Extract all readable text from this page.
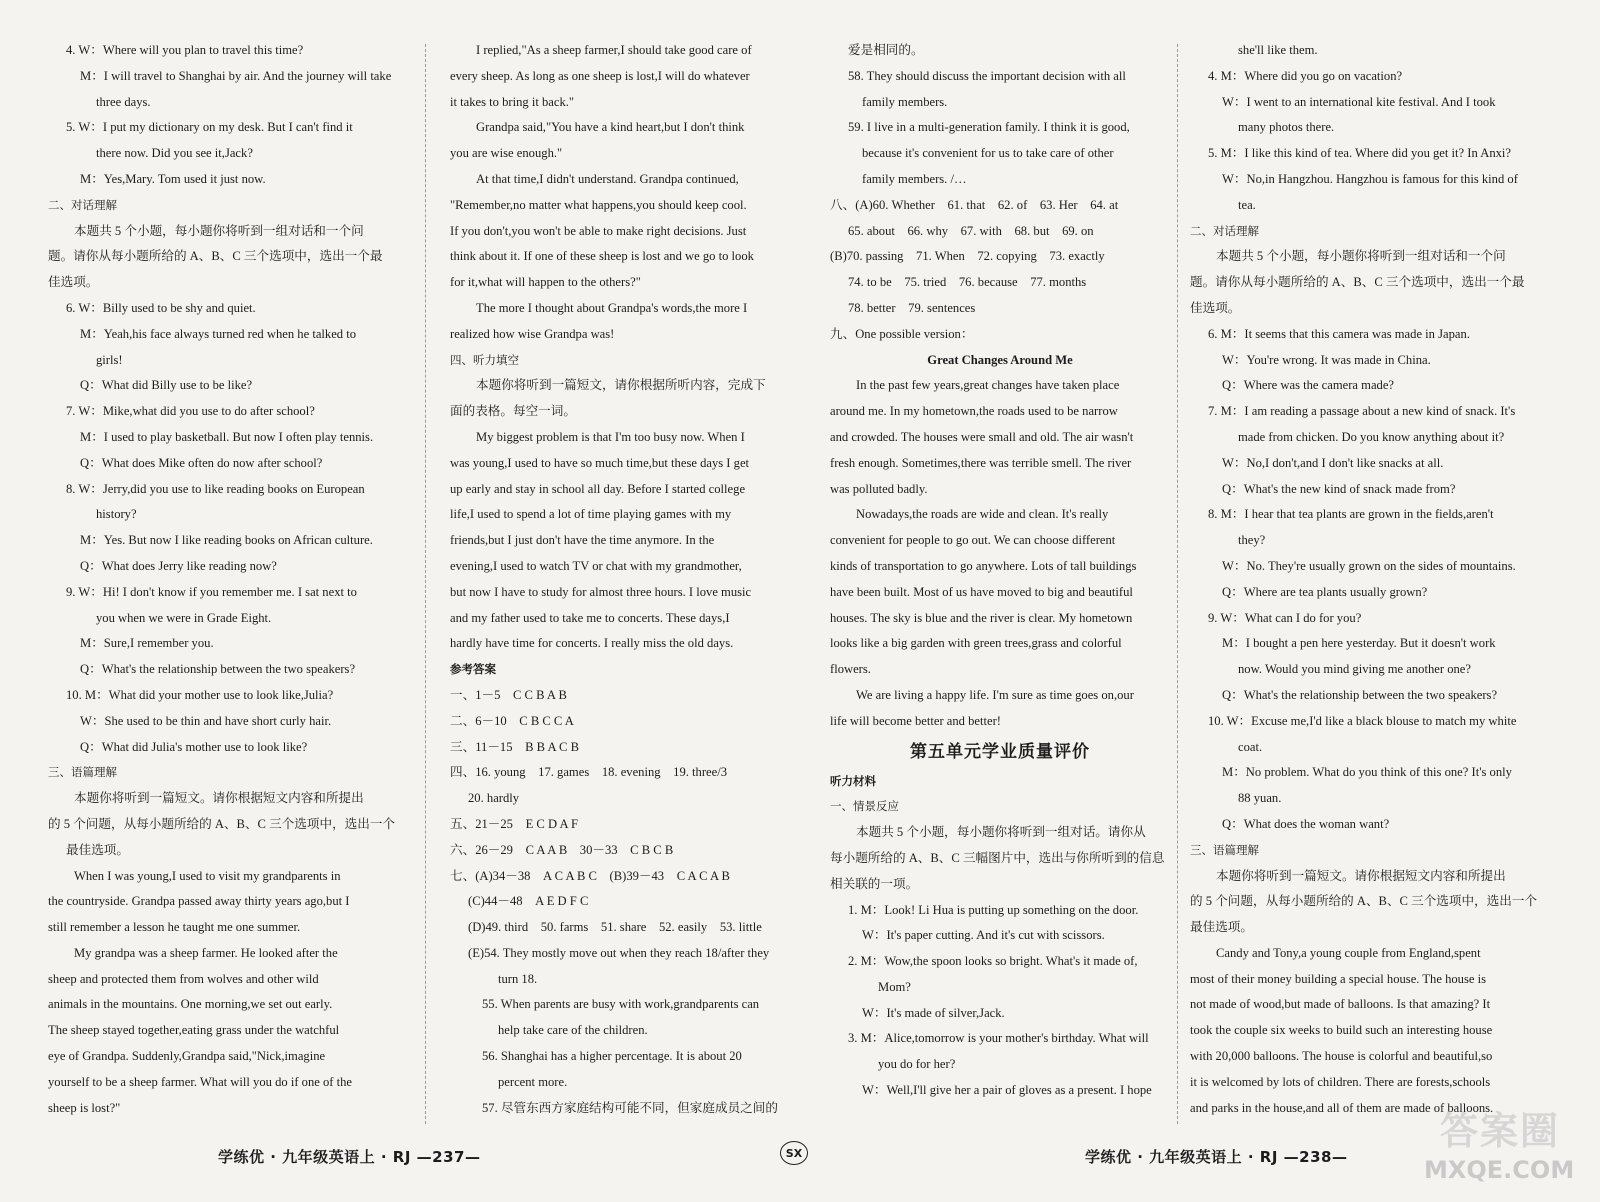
4. W：Where will you plan to travel this time?
M：I will travel to Shanghai by air. And the journey will take
three days.
5. W：I put my dictionary on my desk. But I can't find it
there now. Did you see it,Jack?
M：Yes,Mary. Tom used it just now.
二、对话理解
本题共 5 个小题，每小题你将听到一组对话和一个问
题。请你从每小题所给的 A、B、C 三个选项中，选出一个最
佳选项。
6. W：Billy used to be shy and quiet.
M：Yeah,his face always turned red when he talked to
girls!
Q：What did Billy use to be like?
7. W：Mike,what did you use to do after school?
M：I used to play basketball. But now I often play tennis.
Q：What does Mike often do now after school?
8. W：Jerry,did you use to like reading books on European
history?
M：Yes. But now I like reading books on African culture.
Q：What does Jerry like reading now?
9. W：Hi! I don't know if you remember me. I sat next to
you when we were in Grade Eight.
M：Sure,I remember you.
Q：What's the relationship between the two speakers?
10. M：What did your mother use to look like,Julia?
W：She used to be thin and have short curly hair.
Q：What did Julia's mother use to look like?
三、语篇理解
本题你将听到一篇短文。请你根据短文内容和所提出
的 5 个问题，从每小题所给的 A、B、C 三个选项中，选出一个
最佳选项。
When I was young,I used to visit my grandparents in
the countryside. Grandpa passed away thirty years ago,but I
still remember a lesson he taught me one summer.
My grandpa was a sheep farmer. He looked after the
sheep and protected them from wolves and other wild
animals in the mountains. One morning,we set out early.
The sheep stayed together,eating grass under the watchful
eye of Grandpa. Suddenly,Grandpa said,"Nick,imagine
yourself to be a sheep farmer. What will you do if one of the
sheep is lost?"
I replied,"As a sheep farmer,I should take good care of
every sheep. As long as one sheep is lost,I will do whatever
it takes to bring it back."
Grandpa said,"You have a kind heart,but I don't think
you are wise enough."
At that time,I didn't understand. Grandpa continued,
"Remember,no matter what happens,you should keep cool.
If you don't,you won't be able to make right decisions. Just
think about it. If one of these sheep is lost and we go to look
for it,what will happen to the others?"
The more I thought about Grandpa's words,the more I
realized how wise Grandpa was!
四、听力填空
本题你将听到一篇短文，请你根据所听内容，完成下
面的表格。每空一词。
My biggest problem is that I'm too busy now. When I
was young,I used to have so much time,but these days I get
up early and stay in school all day. Before I started college
life,I used to spend a lot of time playing games with my
friends,but I just don't have the time anymore. In the
evening,I used to watch TV or chat with my grandmother,
but now I have to study for almost three hours. I love music
and my father used to take me to concerts. These days,I
hardly have time for concerts. I really miss the old days.
参考答案
一、1－5　C C B A B
二、6－10　C B C C A
三、11－15　B B A C B
四、16. young　17. games　18. evening　19. three/3
20. hardly
五、21－25　E C D A F
六、26－29　C A A B　30－33　C B C B
七、(A)34－38　A C A B C　(B)39－43　C A C A B
(C)44－48　A E D F C
(D)49. third　50. farms　51. share　52. easily　53. little
(E)54. They mostly move out when they reach 18/after they
turn 18.
55. When parents are busy with work,grandparents can
help take care of the children.
56. Shanghai has a higher percentage. It is about 20
percent more.
57. 尽管东西方家庭结构可能不同，但家庭成员之间的
爱是相同的。
58. They should discuss the important decision with all
family members.
59. I live in a multi-generation family. I think it is good,
because it's convenient for us to take care of other
family members. /…
八、(A)60. Whether　61. that　62. of　63. Her　64. at
65. about　66. why　67. with　68. but　69. on
(B)70. passing　71. When　72. copying　73. exactly
74. to be　75. tried　76. because　77. months
78. better　79. sentences
九、One possible version：
Great Changes Around Me
In the past few years,great changes have taken place
around me. In my hometown,the roads used to be narrow
and crowded. The houses were small and old. The air wasn't
fresh enough. Sometimes,there was terrible smell. The river
was polluted badly.
Nowadays,the roads are wide and clean. It's really
convenient for people to go out. We can choose different
kinds of transportation to go anywhere. Lots of tall buildings
have been built. Most of us have moved to big and beautiful
houses. The sky is blue and the river is clear. My hometown
looks like a big garden with green trees,grass and colorful
flowers.
We are living a happy life. I'm sure as time goes on,our
life will become better and better!
第五单元学业质量评价
听力材料
一、情景反应
本题共 5 个小题，每小题你将听到一组对话。请你从
每小题所给的 A、B、C 三幅图片中，选出与你所听到的信息
相关联的一项。
1. M：Look! Li Hua is putting up something on the door.
W：It's paper cutting. And it's cut with scissors.
2. M：Wow,the spoon looks so bright. What's it made of,
Mom?
W：It's made of silver,Jack.
3. M：Alice,tomorrow is your mother's birthday. What will
you do for her?
W：Well,I'll give her a pair of gloves as a present. I hope
she'll like them.
4. M：Where did you go on vacation?
W：I went to an international kite festival. And I took
many photos there.
5. M：I like this kind of tea. Where did you get it? In Anxi?
W：No,in Hangzhou. Hangzhou is famous for this kind of
tea.
二、对话理解
本题共 5 个小题，每小题你将听到一组对话和一个问
题。请你从每小题所给的 A、B、C 三个选项中，选出一个最
佳选项。
6. M：It seems that this camera was made in Japan.
W：You're wrong. It was made in China.
Q：Where was the camera made?
7. M：I am reading a passage about a new kind of snack. It's
made from chicken. Do you know anything about it?
W：No,I don't,and I don't like snacks at all.
Q：What's the new kind of snack made from?
8. M：I hear that tea plants are grown in the fields,aren't
they?
W：No. They're usually grown on the sides of mountains.
Q：Where are tea plants usually grown?
9. W：What can I do for you?
M：I bought a pen here yesterday. But it doesn't work
now. Would you mind giving me another one?
Q：What's the relationship between the two speakers?
10. W：Excuse me,I'd like a black blouse to match my white
coat.
M：No problem. What do you think of this one? It's only
88 yuan.
Q：What does the woman want?
三、语篇理解
本题你将听到一篇短文。请你根据短文内容和所提出
的 5 个问题，从每小题所给的 A、B、C 三个选项中，选出一个
最佳选项。
Candy and Tony,a young couple from England,spent
most of their money building a special house. The house is
not made of wood,but made of balloons. Is that amazing? It
took the couple six weeks to build such an interesting house
with 20,000 balloons. The house is colorful and beautiful,so
it is welcomed by lots of children. There are forests,schools
and parks in the house,and all of them are made of balloons.
学练优 · 九年级英语上 · RJ —237—	SX	学练优 · 九年级英语上 · RJ —238—
答案圈
MXQE.COM
